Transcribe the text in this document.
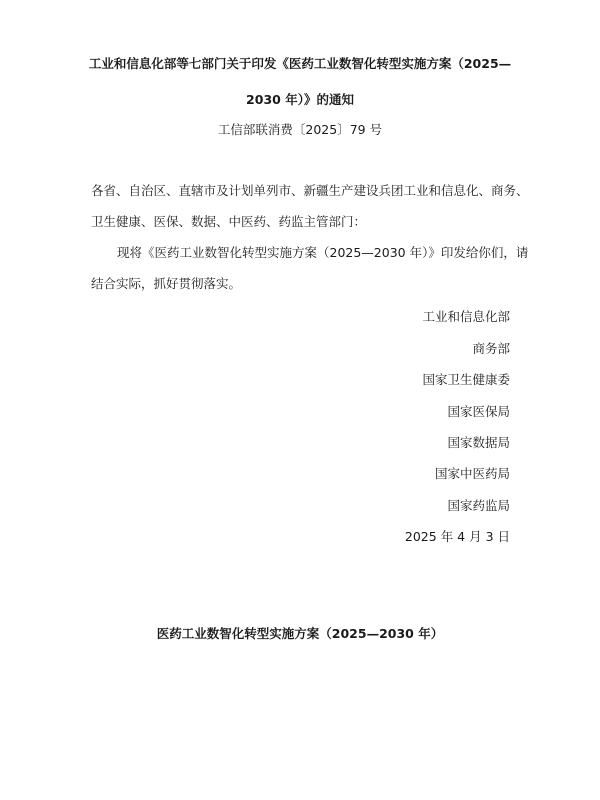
工业和信息化部等七部门关于印发《医药工业数智化转型实施方案（2025—
2030 年）》的通知
工信部联消费〔2025〕79 号
各省、自治区、直辖市及计划单列市、新疆生产建设兵团工业和信息化、商务、
卫生健康、医保、数据、中医药、药监主管部门：
现将《医药工业数智化转型实施方案（2025—2030 年）》印发给你们，请
结合实际，抓好贯彻落实。
工业和信息化部
商务部
国家卫生健康委
国家医保局
国家数据局
国家中医药局
国家药监局
2025 年 4 月 3 日
医药工业数智化转型实施方案（2025—2030 年）
